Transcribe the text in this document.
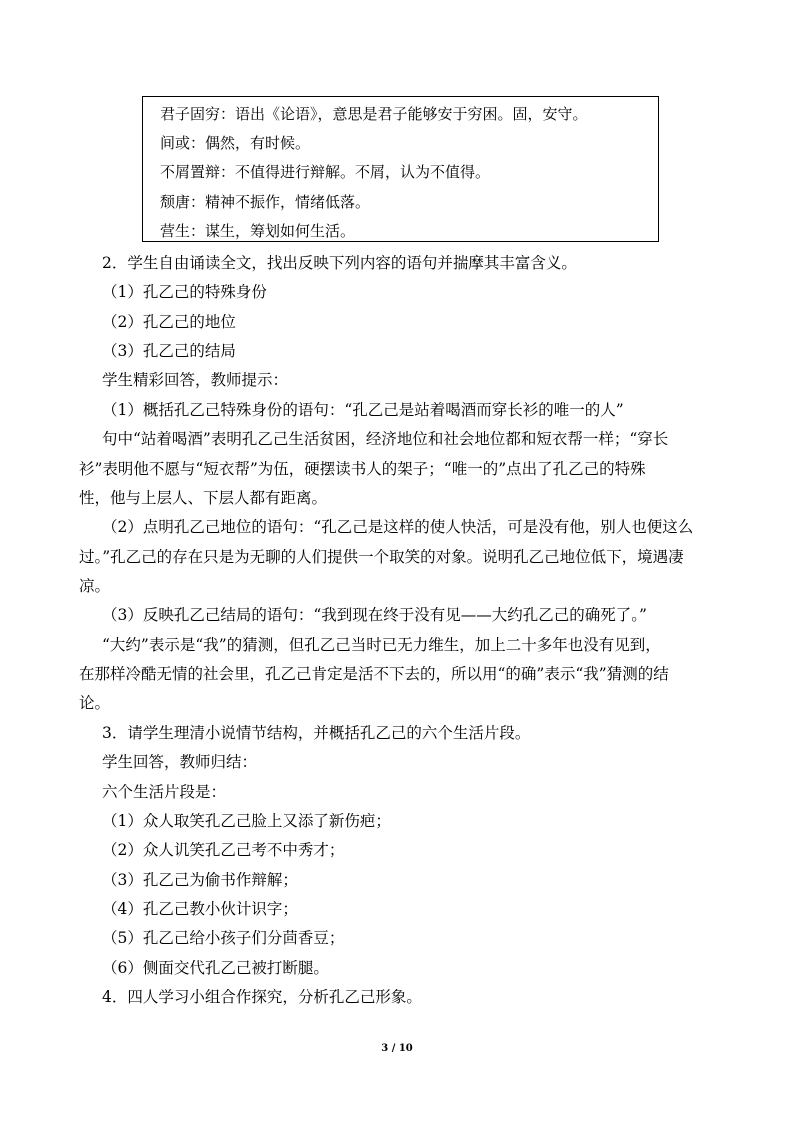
君子固穷：语出《论语》，意思是君子能够安于穷困。固，安守。
间或：偶然，有时候。
不屑置辩：不值得进行辩解。不屑，认为不值得。
颓唐：精神不振作，情绪低落。
营生：谋生，筹划如何生活。
2．学生自由诵读全文，找出反映下列内容的语句并揣摩其丰富含义。
（1）孔乙己的特殊身份
（2）孔乙己的地位
（3）孔乙己的结局
学生精彩回答，教师提示：
（1）概括孔乙己特殊身份的语句：“孔乙己是站着喝酒而穿长衫的唯一的人”
句中“站着喝酒”表明孔乙己生活贫困，经济地位和社会地位都和短衣帮一样；“穿长
衫”表明他不愿与“短衣帮”为伍，硬摆读书人的架子；“唯一的”点出了孔乙己的特殊
性，他与上层人、下层人都有距离。
（2）点明孔乙己地位的语句：“孔乙己是这样的使人快活，可是没有他，别人也便这么
过。”孔乙己的存在只是为无聊的人们提供一个取笑的对象。说明孔乙己地位低下，境遇凄
凉。
（3）反映孔乙己结局的语句：“我到现在终于没有见——大约孔乙己的确死了。”
“大约”表示是“我”的猜测，但孔乙己当时已无力维生，加上二十多年也没有见到，
在那样冷酷无情的社会里，孔乙己肯定是活不下去的，所以用“的确”表示“我”猜测的结
论。
3．请学生理清小说情节结构，并概括孔乙己的六个生活片段。
学生回答，教师归结：
六个生活片段是：
（1）众人取笑孔乙己脸上又添了新伤疤；
（2）众人讥笑孔乙己考不中秀才；
（3）孔乙己为偷书作辩解；
（4）孔乙己教小伙计识字；
（5）孔乙己给小孩子们分茴香豆；
（6）侧面交代孔乙己被打断腿。
4．四人学习小组合作探究，分析孔乙己形象。
3 / 10
